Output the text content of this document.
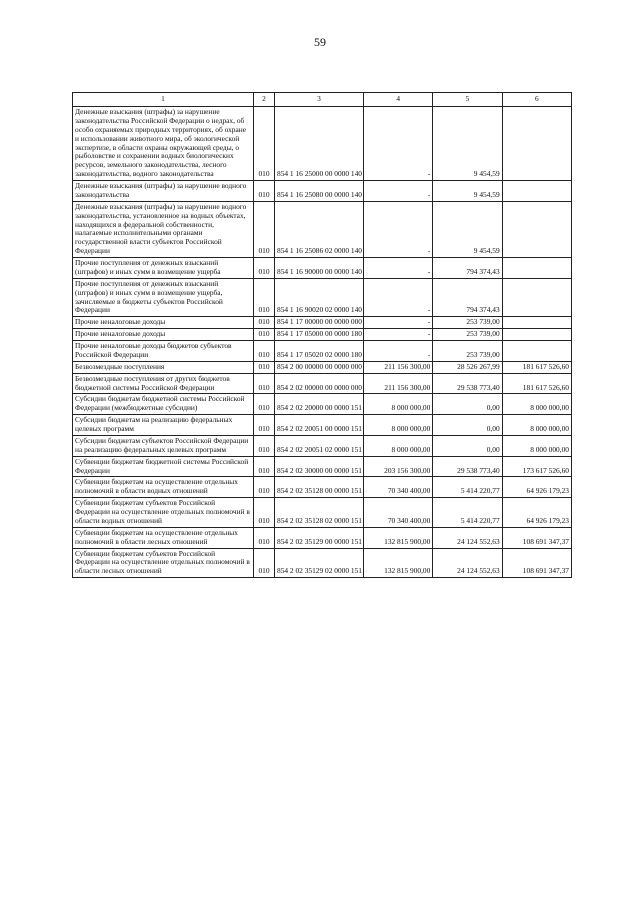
59
1	2	3	4	5	6
Денежные взыскания (штрафы) за нарушение законодательства Российской Федерации о недрах, об особо охраняемых природных территориях, об охране и использовании животного мира, об экологической экспертизе, в области охраны окружающей среды, о рыболовстве и сохранении водных биологических ресурсов, земельного законодательства, лесного законодательства, водного законодательства	010	854 1 16 25000 00 0000 140	-	9 454,59	
Денежные взыскания (штрафы) за нарушение водного законодательства	010	854 1 16 25080 00 0000 140	-	9 454,59	
Денежные взыскания (штрафы) за нарушение водного законодательства, установленное на водных объектах, находящихся в федеральной собственности, налагаемые исполнительными органами государственной власти субъектов Российской Федерации	010	854 1 16 25086 02 0000 140	-	9 454,59	
Прочие поступления от денежных взысканий (штрафов) и иных сумм в возмещение ущерба	010	854 1 16 90000 00 0000 140	-	794 374,43	
Прочие поступления от денежных взысканий (штрафов) и иных сумм в возмещение ущерба, зачисляемые в бюджеты субъектов Российской Федерации	010	854 1 16 90020 02 0000 140	-	794 374,43	
Прочие неналоговые доходы	010	854 1 17 00000 00 0000 000	-	253 739,00	
Прочие неналоговые доходы	010	854 1 17 05000 00 0000 180	-	253 739,00	
Прочие неналоговые доходы бюджетов субъектов Российской Федерации	010	854 1 17 05020 02 0000 180	-	253 739,00	
Безвозмездные поступления	010	854 2 00 00000 00 0000 000	211 156 300,00	28 526 267,99	181 617 526,60
Безвозмездные поступления от других бюджетов бюджетной системы Российской Федерации	010	854 2 02 00000 00 0000 000	211 156 300,00	29 538 773,40	181 617 526,60
Субсидии бюджетам бюджетной системы Российской Федерации (межбюджетные субсидии)	010	854 2 02 20000 00 0000 151	8 000 000,00	0,00	8 000 000,00
Субсидии бюджетам на реализацию федеральных целевых программ	010	854 2 02 20051 00 0000 151	8 000 000,00	0,00	8 000 000,00
Субсидии бюджетам субъектов Российской Федерации на реализацию федеральных целевых программ	010	854 2 02 20051 02 0000 151	8 000 000,00	0,00	8 000 000,00
Субвенции бюджетам бюджетной системы Российской Федерации	010	854 2 02 30000 00 0000 151	203 156 300,00	29 538 773,40	173 617 526,60
Субвенции бюджетам на осуществление отдельных полномочий в области водных отношений	010	854 2 02 35128 00 0000 151	70 340 400,00	5 414 220,77	64 926 179,23
Субвенции бюджетам субъектов Российской Федерации на осуществление отдельных полномочий в области водных отношений	010	854 2 02 35128 02 0000 151	70 340 400,00	5 414 220,77	64 926 179,23
Субвенции бюджетам на осуществление отдельных полномочий в области лесных отношений	010	854 2 02 35129 00 0000 151	132 815 900,00	24 124 552,63	108 691 347,37
Субвенции бюджетам субъектов Российской Федерации на осуществление отдельных полномочий в области лесных отношений	010	854 2 02 35129 02 0000 151	132 815 900,00	24 124 552,63	108 691 347,37
